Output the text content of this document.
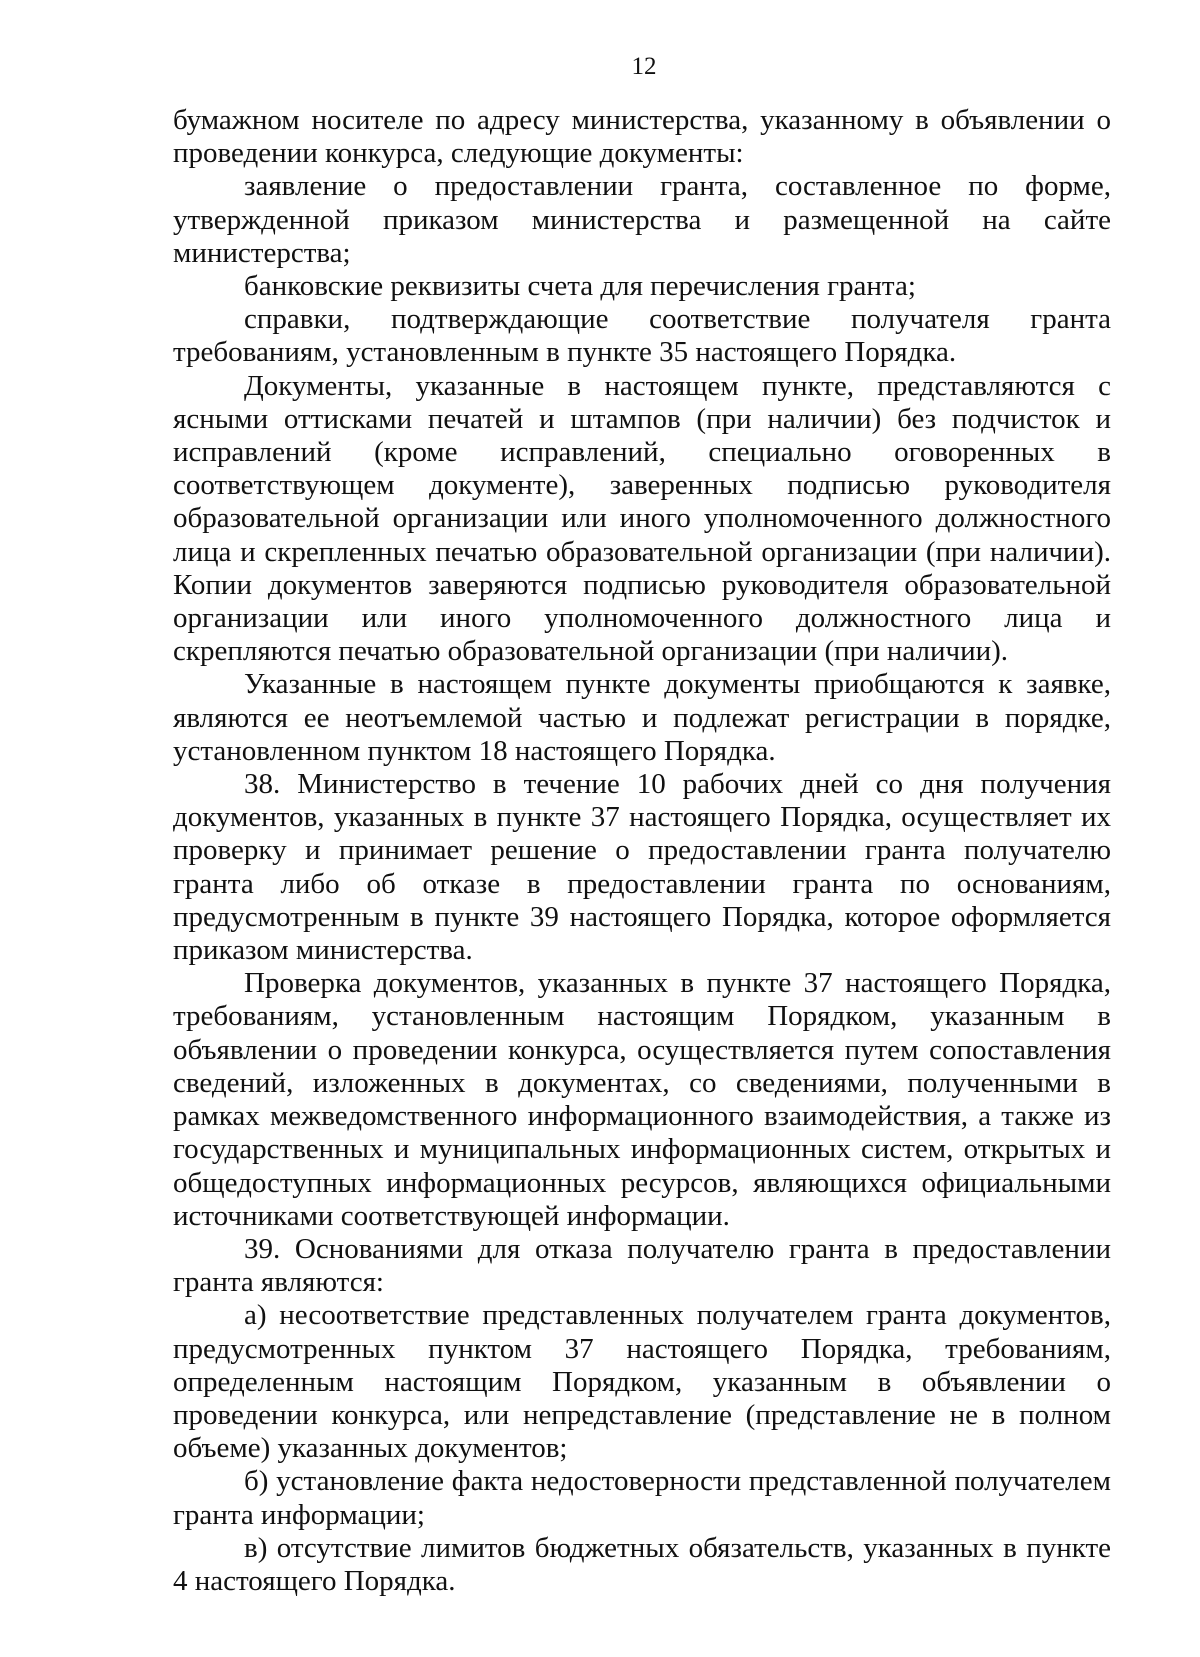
12

бумажном носителе по адресу министерства, указанному в объявлении о проведении конкурса, следующие документы:

заявление о предоставлении гранта, составленное по форме, утвержденной приказом министерства и размещенной на сайте министерства;

банковские реквизиты счета для перечисления гранта;

справки, подтверждающие соответствие получателя гранта требованиям, установленным в пункте 35 настоящего Порядка.

Документы, указанные в настоящем пункте, представляются с ясными оттисками печатей и штампов (при наличии) без подчисток и исправлений (кроме исправлений, специально оговоренных в соответствующем документе), заверенных подписью руководителя образовательной организации или иного уполномоченного должностного лица и скрепленных печатью образовательной организации (при наличии). Копии документов заверяются подписью руководителя образовательной организации или иного уполномоченного должностного лица и скрепляются печатью образовательной организации (при наличии).

Указанные в настоящем пункте документы приобщаются к заявке, являются ее неотъемлемой частью и подлежат регистрации в порядке, установленном пунктом 18 настоящего Порядка.

38. Министерство в течение 10 рабочих дней со дня получения документов, указанных в пункте 37 настоящего Порядка, осуществляет их проверку и принимает решение о предоставлении гранта получателю гранта либо об отказе в предоставлении гранта по основаниям, предусмотренным в пункте 39 настоящего Порядка, которое оформляется приказом министерства.

Проверка документов, указанных в пункте 37 настоящего Порядка, требованиям, установленным настоящим Порядком, указанным в объявлении о проведении конкурса, осуществляется путем сопоставления сведений, изложенных в документах, со сведениями, полученными в рамках межведомственного информационного взаимодействия, а также из государственных и муниципальных информационных систем, открытых и общедоступных информационных ресурсов, являющихся официальными источниками соответствующей информации.

39. Основаниями для отказа получателю гранта в предоставлении гранта являются:

а) несоответствие представленных получателем гранта документов, предусмотренных пунктом 37 настоящего Порядка, требованиям, определенным настоящим Порядком, указанным в объявлении о проведении конкурса, или непредставление (представление не в полном объеме) указанных документов;

б) установление факта недостоверности представленной получателем гранта информации;

в) отсутствие лимитов бюджетных обязательств, указанных в пункте 4 настоящего Порядка.
